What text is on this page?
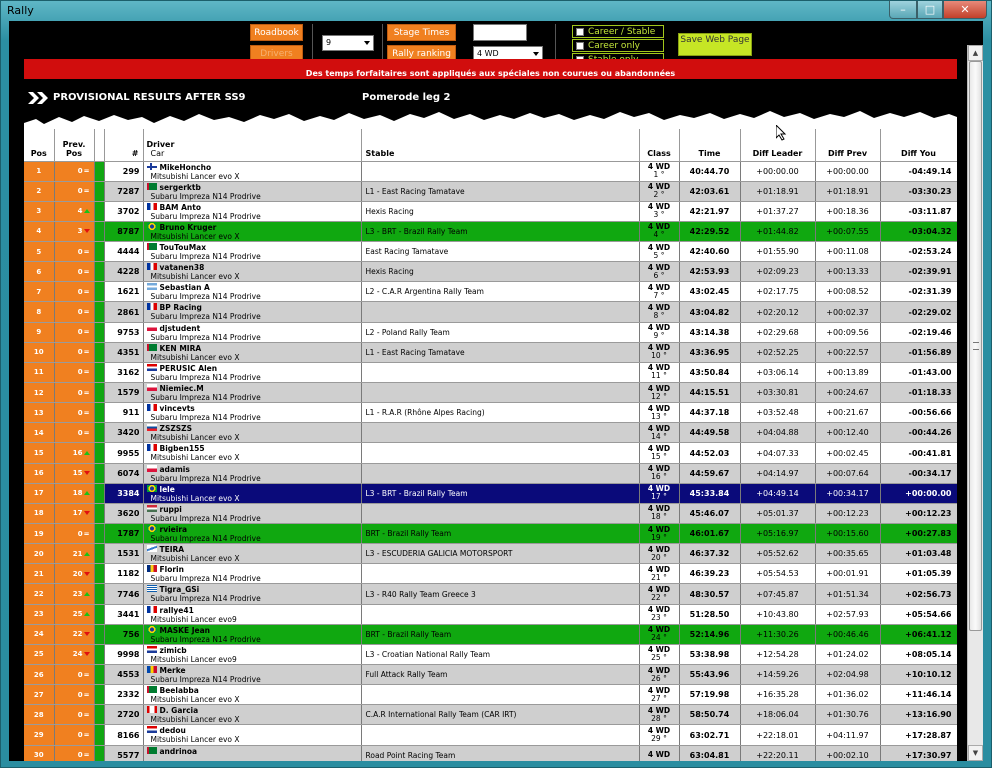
Rally	–	□	✕
Roadbook
Drivers
9
Stage Times
Rally ranking	4 WD
Career / Stable
Career only
Save Web Page
Des temps forfaitaires sont appliqués aux spéciales non courues ou abandonnées
PROVISIONAL RESULTS AFTER SS9	Pomerode leg 2
Pos	Prev.
Pos		#	Driver
Car	Stable	Class	Time	Diff Leader	Diff Prev	Diff You
1	0=		299	MikeHoncho
Mitsubishi Lancer evo X		4 WD
1 °	40:44.70	+00:00.00	+00:00.00	-04:49.14
2	0=		7287	sergerktb
Subaru Impreza N14 Prodrive	L1 - East Racing Tamatave	4 WD
2 °	42:03.61	+01:18.91	+01:18.91	-03:30.23
3	4		3702	BAM Anto
Subaru Impreza N14 Prodrive	Hexis Racing	4 WD
3 °	42:21.97	+01:37.27	+00:18.36	-03:11.87
4	3		8787	Bruno Kruger
Mitsubishi Lancer evo X	L3 - BRT - Brazil Rally Team	4 WD
4 °	42:29.52	+01:44.82	+00:07.55	-03:04.32
5	0=		4444	TouTouMax
Subaru Impreza N14 Prodrive	East Racing Tamatave	4 WD
5 °	42:40.60	+01:55.90	+00:11.08	-02:53.24
6	0=		4228	vatanen38
Mitsubishi Lancer evo X	Hexis Racing	4 WD
6 °	42:53.93	+02:09.23	+00:13.33	-02:39.91
7	0=		1621	Sebastian A
Subaru Impreza N14 Prodrive	L2 - C.A.R Argentina Rally Team	4 WD
7 °	43:02.45	+02:17.75	+00:08.52	-02:31.39
8	0=		2861	BP Racing
Subaru Impreza N14 Prodrive		4 WD
8 °	43:04.82	+02:20.12	+00:02.37	-02:29.02
9	0=		9753	djstudent
Subaru Impreza N14 Prodrive	L2 - Poland Rally Team	4 WD
9 °	43:14.38	+02:29.68	+00:09.56	-02:19.46
10	0=		4351	KEN MIRA
Mitsubishi Lancer evo X	L1 - East Racing Tamatave	4 WD
10 °	43:36.95	+02:52.25	+00:22.57	-01:56.89
11	0=		3162	PERUSIC Alen
Subaru Impreza N14 Prodrive		4 WD
11 °	43:50.84	+03:06.14	+00:13.89	-01:43.00
12	0=		1579	Niemiec.M
Subaru Impreza N14 Prodrive		4 WD
12 °	44:15.51	+03:30.81	+00:24.67	-01:18.33
13	0=		911	vincevts
Subaru Impreza N14 Prodrive	L1 - R.A.R (Rhône Alpes Racing)	4 WD
13 °	44:37.18	+03:52.48	+00:21.67	-00:56.66
14	0=		3420	ZSZSZS
Mitsubishi Lancer evo X		4 WD
14 °	44:49.58	+04:04.88	+00:12.40	-00:44.26
15	16		9955	Bigben155
Mitsubishi Lancer evo X		4 WD
15 °	44:52.03	+04:07.33	+00:02.45	-00:41.81
16	15		6074	adamis
Subaru Impreza N14 Prodrive		4 WD
16 °	44:59.67	+04:14.97	+00:07.64	-00:34.17
17	18		3384	lele
Mitsubishi Lancer evo X	L3 - BRT - Brazil Rally Team	4 WD
17 °	45:33.84	+04:49.14	+00:34.17	+00:00.00
18	17		3620	ruppi
Subaru Impreza N14 Prodrive		4 WD
18 °	45:46.07	+05:01.37	+00:12.23	+00:12.23
19	0=		1787	rvieira
Subaru Impreza N14 Prodrive	BRT - Brazil Rally Team	4 WD
19 °	46:01.67	+05:16.97	+00:15.60	+00:27.83
20	21		1531	TEIRA
Mitsubishi Lancer evo X	L3 - ESCUDERIA GALICIA MOTORSPORT	4 WD
20 °	46:37.32	+05:52.62	+00:35.65	+01:03.48
21	20		1182	Florin
Subaru Impreza N14 Prodrive		4 WD
21 °	46:39.23	+05:54.53	+00:01.91	+01:05.39
22	23		7746	Tigra_GSi
Subaru Impreza N14 Prodrive	L3 - R40 Rally Team Greece 3	4 WD
22 °	48:30.57	+07:45.87	+01:51.34	+02:56.73
23	25		3441	rallye41
Mitsubishi Lancer evo9		4 WD
23 °	51:28.50	+10:43.80	+02:57.93	+05:54.66
24	22		756	MASKE Jean
Subaru Impreza N14 Prodrive	BRT - Brazil Rally Team	4 WD
24 °	52:14.96	+11:30.26	+00:46.46	+06:41.12
25	24		9998	zimicb
Mitsubishi Lancer evo9	L3 - Croatian National Rally Team	4 WD
25 °	53:38.98	+12:54.28	+01:24.02	+08:05.14
26	0=		4553	Merke
Subaru Impreza N14 Prodrive	Full Attack Rally Team	4 WD
26 °	55:43.96	+14:59.26	+02:04.98	+10:10.12
27	0=		2332	Beelabba
Mitsubishi Lancer evo X		4 WD
27 °	57:19.98	+16:35.28	+01:36.02	+11:46.14
28	0=		2720	D. Garcia
Mitsubishi Lancer evo X	C.A.R International Rally Team (CAR IRT)	4 WD
28 °	58:50.74	+18:06.04	+01:30.76	+13:16.90
29	0=		8166	dedou
Mitsubishi Lancer evo X		4 WD
29 °	63:02.71	+22:18.01	+04:11.97	+17:28.87
30	0=		5577	andrinoa	Road Point Racing Team	4 WD	63:04.81	+22:20.11	+00:02.10	+17:30.97
▲
▼
